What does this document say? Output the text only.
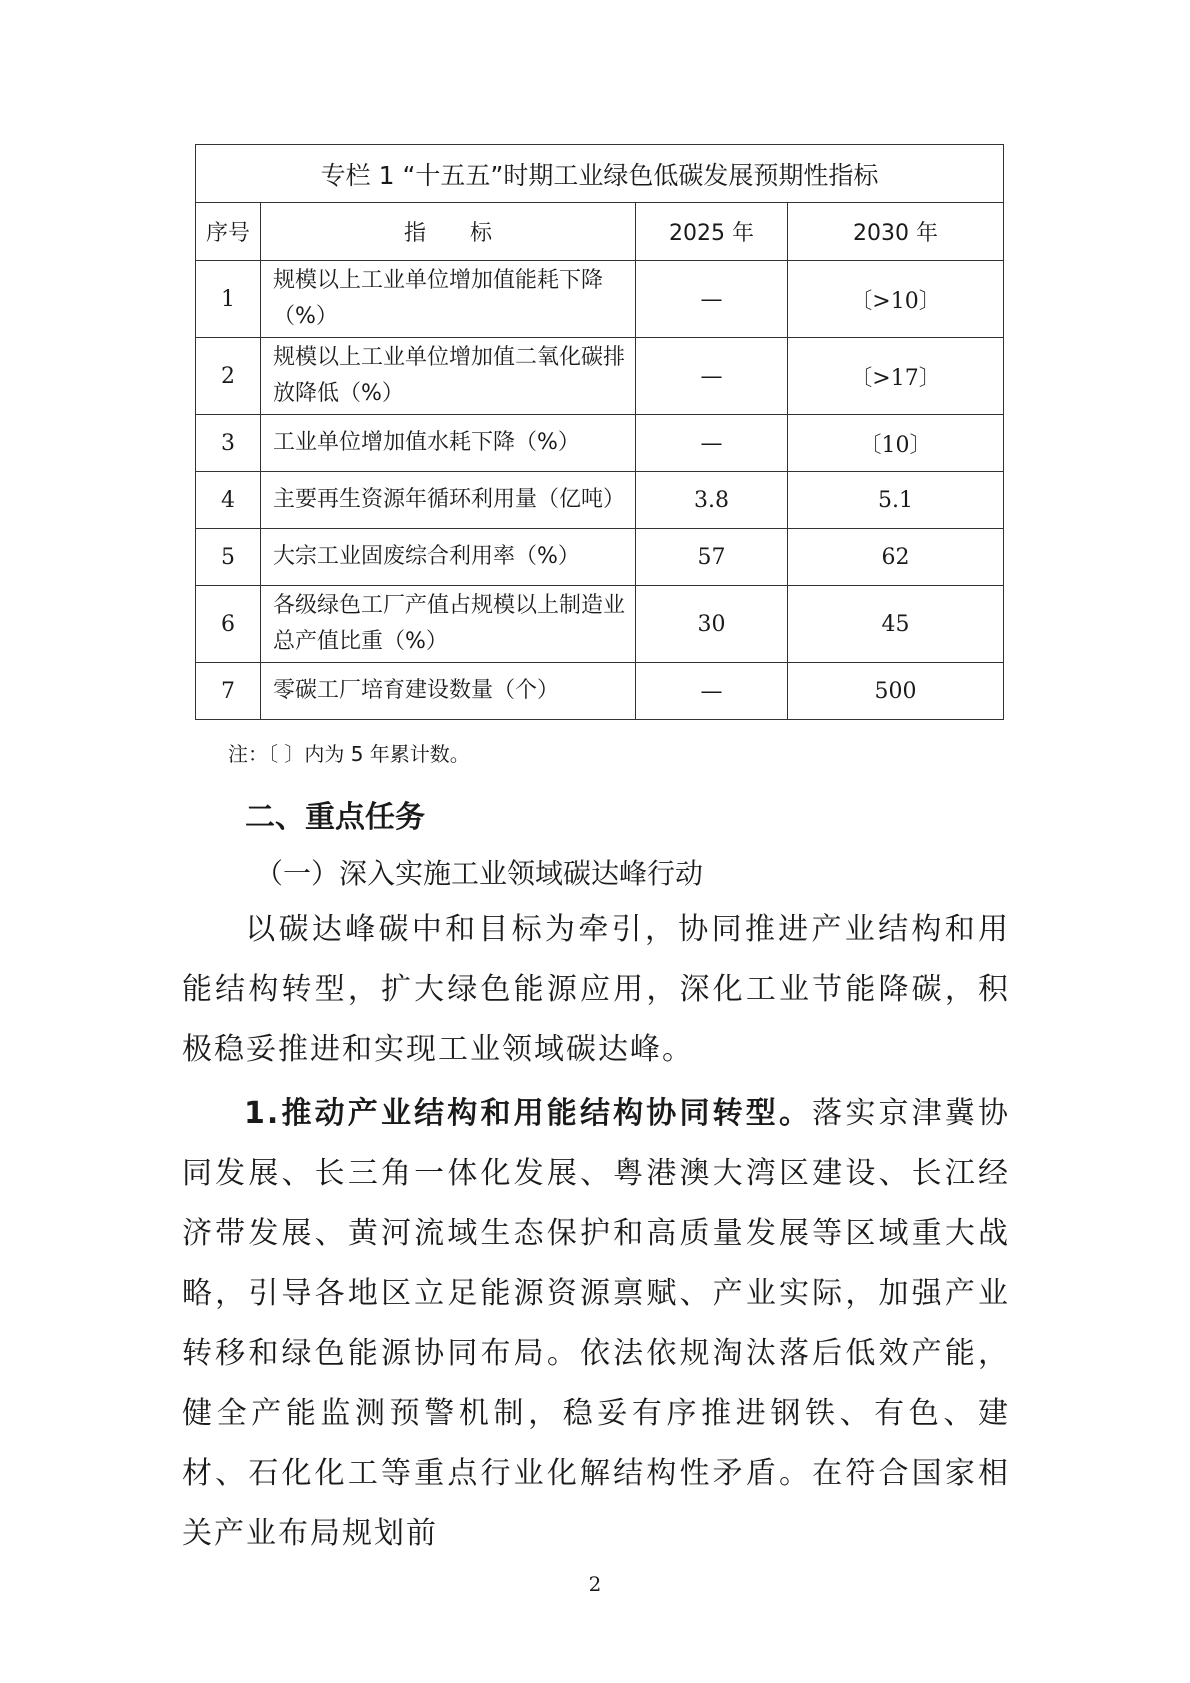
专栏 1 “十五五”时期工业绿色低碳发展预期性指标			
序号	指　　标	2025 年	2030 年
1	规模以上工业单位增加值能耗下降（%）	—	〔>10〕
2	规模以上工业单位增加值二氧化碳排放降低（%）	—	〔>17〕
3	工业单位增加值水耗下降（%）	—	〔10〕
4	主要再生资源年循环利用量（亿吨）	3.8	5.1
5	大宗工业固废综合利用率（%）	57	62
6	各级绿色工厂产值占规模以上制造业总产值比重（%）	30	45
7	零碳工厂培育建设数量（个）	—	500
注：〔 〕内为 5 年累计数。
二、重点任务
（一）深入实施工业领域碳达峰行动
以碳达峰碳中和目标为牵引，协同推进产业结构和用能结构转型，扩大绿色能源应用，深化工业节能降碳，积极稳妥推进和实现工业领域碳达峰。
1.推动产业结构和用能结构协同转型。落实京津冀协同发展、长三角一体化发展、粤港澳大湾区建设、长江经济带发展、黄河流域生态保护和高质量发展等区域重大战略，引导各地区立足能源资源禀赋、产业实际，加强产业转移和绿色能源协同布局。依法依规淘汰落后低效产能，健全产能监测预警机制，稳妥有序推进钢铁、有色、建材、石化化工等重点行业化解结构性矛盾。在符合国家相关产业布局规划前
2
